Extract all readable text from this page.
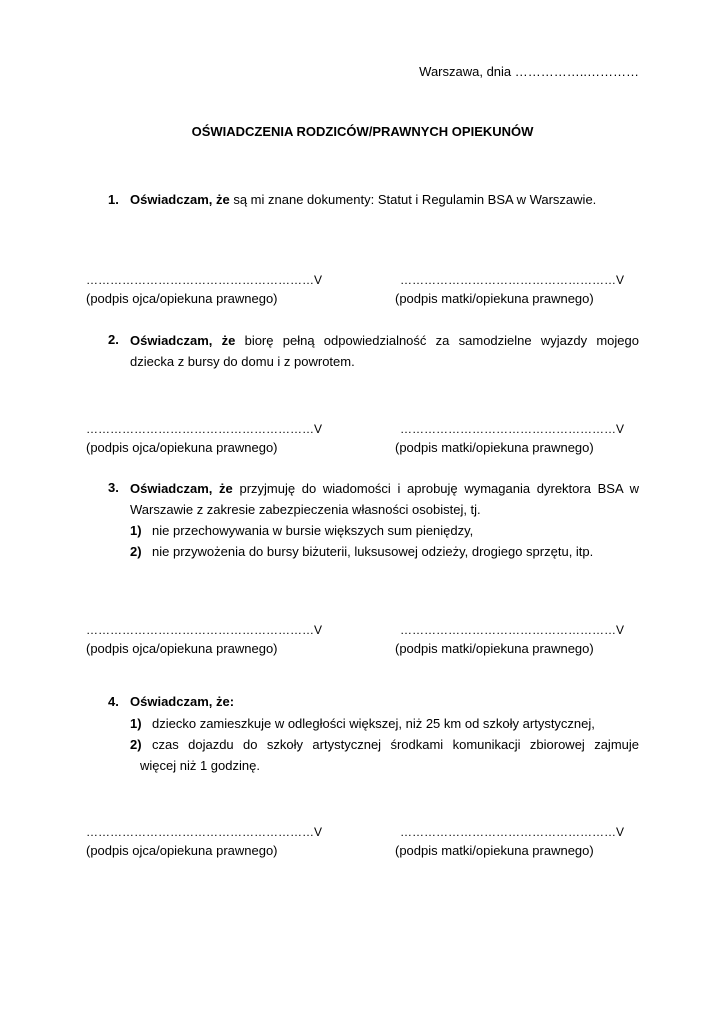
Warszawa, dnia ……………..…………
OŚWIADCZENIA RODZICÓW/PRAWNYCH OPIEKUNÓW
1. Oświadczam, że są mi znane dokumenty: Statut i Regulamin BSA w Warszawie.
…………………………………………………V	………………………………………………V
(podpis ojca/opiekuna prawnego)	(podpis matki/opiekuna prawnego)
2. Oświadczam, że biorę pełną odpowiedzialność za samodzielne wyjazdy mojego

dziecka z bursy do domu i z powrotem.

…………………………………………………V	………………………………………………V
(podpis ojca/opiekuna prawnego)	(podpis matki/opiekuna prawnego)
3. Oświadczam, że przyjmuję do wiadomości i aprobuję wymagania dyrektora BSA w

Warszawie z zakresie zabezpieczenia własności osobistej, tj.

1) nie przechowywania w bursie większych sum pieniędzy,
2) nie przywożenia do bursy biżuterii, luksusowej odzieży, drogiego sprzętu, itp.
…………………………………………………V	………………………………………………V
(podpis ojca/opiekuna prawnego)	(podpis matki/opiekuna prawnego)
4. Oświadczam, że:
1) dziecko zamieszkuje w odległości większej, niż 25 km od szkoły artystycznej,
2) czas dojazdu do szkoły artystycznej środkami komunikacji zbiorowej zajmuje
więcej niż 1 godzinę.
…………………………………………………V	………………………………………………V
(podpis ojca/opiekuna prawnego)	(podpis matki/opiekuna prawnego)
